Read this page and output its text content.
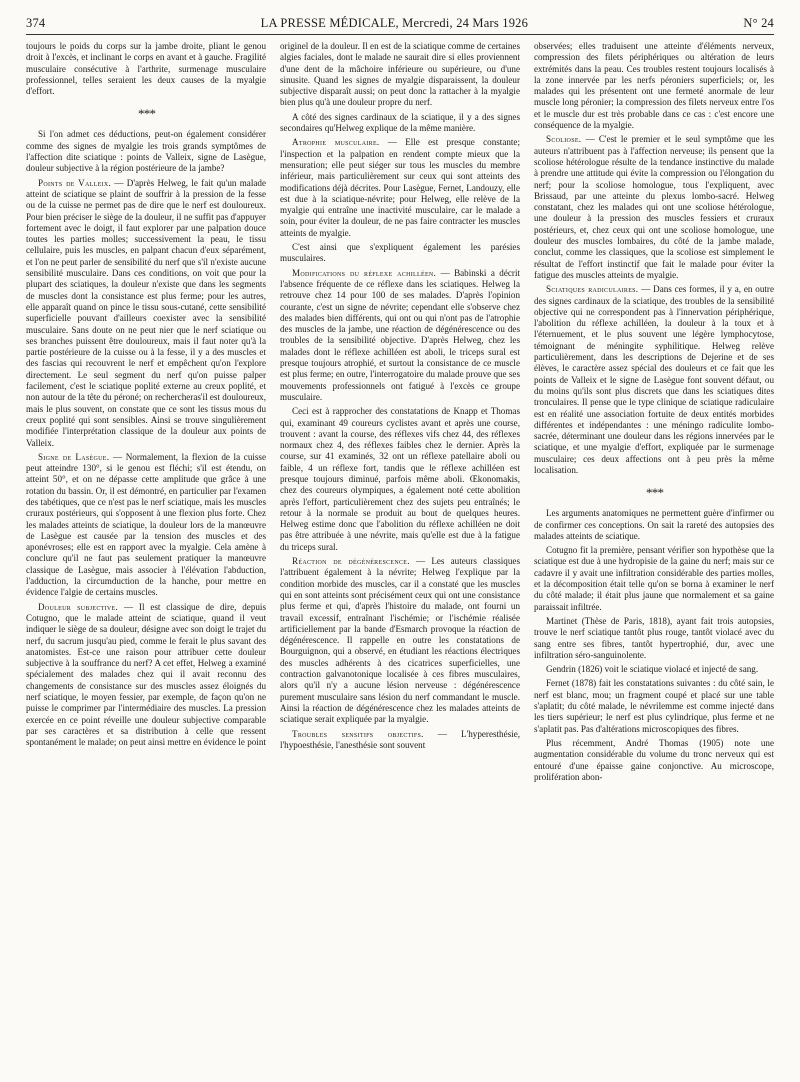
374	LA PRESSE MÉDICALE, Mercredi, 24 Mars 1926	N° 24

toujours le poids du corps sur la jambe droite, pliant le genou droit à l'excès, et inclinant le corps en avant et à gauche. Fragilité musculaire consécutive à l'arthrite, surmenage musculaire professionnel, telles seraient les deux causes de la myalgie d'effort.

* * *

Si l'on admet ces déductions, peut-on également considérer comme des signes de myalgie les trois grands symptômes de l'affection dite sciatique : points de Valleix, signe de Lasègue, douleur subjective à la région postérieure de la jambe?

Points de Valleix. — D'après Helweg, le fait qu'un malade atteint de sciatique se plaint de souffrir à la pression de la fesse ou de la cuisse ne permet pas de dire que le nerf est douloureux. Pour bien préciser le siège de la douleur, il ne suffit pas d'appuyer fortement avec le doigt, il faut explorer par une palpation douce toutes les parties molles; successivement la peau, le tissu cellulaire, puis les muscles, en palpant chacun d'eux séparément, et l'on ne peut parler de sensibilité du nerf que s'il n'existe aucune sensibilité musculaire. Dans ces conditions, on voit que pour la plupart des sciatiques, la douleur n'existe que dans les segments de muscles dont la consistance est plus ferme; pour les autres, elle apparaît quand on pince le tissu sous-cutané, cette sensibilité superficielle pouvant d'ailleurs coexister avec la sensibilité musculaire. Sans doute on ne peut nier que le nerf sciatique ou ses branches puissent être douloureux, mais il faut noter qu'à la partie postérieure de la cuisse ou à la fesse, il y a des muscles et des fascias qui recouvrent le nerf et empêchent qu'on l'explore directement. Le seul segment du nerf qu'on puisse palper facilement, c'est le sciatique poplité externe au creux poplité, et non autour de la tête du péroné; on rechercheras'il est douloureux, mais le plus souvent, on constate que ce sont les tissus mous du creux poplité qui sont sensibles. Ainsi se trouve singulièrement modifiée l'interprétation classique de la douleur aux points de Valleix.

Signe de Lasègue. — Normalement, la flexion de la cuisse peut atteindre 130°, si le genou est fléchi; s'il est étendu, on atteint 50°, et on ne dépasse cette amplitude que grâce à une rotation du bassin. Or, il est démontré, en particulier par l'examen des tabétiques, que ce n'est pas le nerf sciatique, mais les muscles cruraux postérieurs, qui s'opposent à une flexion plus forte. Chez les malades atteints de sciatique, la douleur lors de la manœuvre de Lasègue est causée par la tension des muscles et des aponévroses; elle est en rapport avec la myalgie. Cela amène à conclure qu'il ne faut pas seulement pratiquer la manœuvre classique de Lasègue, mais associer à l'élévation l'abduction, l'adduction, la circumduction de la hanche, pour mettre en évidence l'algie de certains muscles.

Douleur subjective. — Il est classique de dire, depuis Cotugno, que le malade atteint de sciatique, quand il veut indiquer le siège de sa douleur, désigne avec son doigt le trajet du nerf, du sacrum jusqu'au pied, comme le ferait le plus savant des anatomistes. Est-ce une raison pour attribuer cette douleur subjective à la souffrance du nerf? A cet effet, Helweg a examiné spécialement des malades chez qui il avait reconnu des changements de consistance sur des muscles assez éloignés du nerf sciatique, le moyen fessier, par exemple, de façon qu'on ne puisse le comprimer par l'intermédiaire des muscles. La pression exercée en ce point réveille une douleur subjective comparable par ses caractères et sa distribution à celle que ressent spontanément le malade; on peut ainsi mettre en évidence le point

originel de la douleur. Il en est de la sciatique comme de certaines algies faciales, dont le malade ne saurait dire si elles proviennent d'une dent de la mâchoire inférieure ou supérieure, ou d'une sinusite. Quand les signes de myalgie disparaissent, la douleur subjective disparaît aussi; on peut donc la rattacher à la myalgie bien plus qu'à une douleur propre du nerf.

A côté des signes cardinaux de la sciatique, il y a des signes secondaires qu'Helweg explique de la même manière.

Atrophie musculaire. — Elle est presque constante; l'inspection et la palpation en rendent compte mieux que la mensuration; elle peut siéger sur tous les muscles du membre inférieur, mais particulièrement sur ceux qui sont atteints des modifications déjà décrites. Pour Lasègue, Fernet, Landouzy, elle est due à la sciatique-névrite; pour Helweg, elle relève de la myalgie qui entraîne une inactivité musculaire, car le malade a soin, pour éviter la douleur, de ne pas faire contracter les muscles atteints de myalgie.

C'est ainsi que s'expliquent également les parésies musculaires.

Modifications du réflexe achilléen. — Babinski a décrit l'absence fréquente de ce réflexe dans les sciatiques. Helweg la retrouve chez 14 pour 100 de ses malades. D'après l'opinion courante, c'est un signe de névrite; cependant elle s'observe chez des malades bien différents, qui ont ou qui n'ont pas de l'atrophie des muscles de la jambe, une réaction de dégénérescence ou des troubles de la sensibilité objective. D'après Helweg, chez les malades dont le réflexe achilléen est aboli, le triceps sural est presque toujours atrophié, et surtout la consistance de ce muscle est plus ferme; en outre, l'interrogatoire du malade prouve que ses mouvements professionnels ont fatigué à l'excès ce groupe musculaire.

Ceci est à rapprocher des constatations de Knapp et Thomas qui, examinant 49 coureurs cyclistes avant et après une course, trouvent : avant la course, des réflexes vifs chez 44, des réflexes normaux chez 4, des réflexes faibles chez le dernier. Après la course, sur 41 examinés, 32 ont un réflexe patellaire aboli ou faible, 4 un réflexe fort, tandis que le réflexe achilléen est presque toujours diminué, parfois même aboli. Œkonomakis, chez des coureurs olympiques, a également noté cette abolition après l'effort, particulièrement chez des sujets peu entraînés; le retour à la normale se produit au bout de quelques heures. Helweg estime donc que l'abolition du réflexe achilléen ne doit pas être attribuée à une névrite, mais qu'elle est due à la fatigue du triceps sural.

Réaction de dégénérescence. — Les auteurs classiques l'attribuent également à la névrite; Helweg l'explique par la condition morbide des muscles, car il a constaté que les muscles qui en sont atteints sont précisément ceux qui ont une consistance plus ferme et qui, d'après l'histoire du malade, ont fourni un travail excessif, entraînant l'ischémie; or l'ischémie réalisée artificiellement par la bande d'Esmarch provoque la réaction de dégénérescence. Il rappelle en outre les constatations de Bourguignon, qui a observé, en étudiant les réactions électriques des muscles adhérents à des cicatrices superficielles, une contraction galvanotonique localisée à ces fibres musculaires, alors qu'il n'y a aucune lésion nerveuse : dégénérescence purement musculaire sans lésion du nerf commandant le muscle. Ainsi la réaction de dégénérescence chez les malades atteints de sciatique serait expliquée par la myalgie.

Troubles sensitifs objectifs. — L'hyperesthésie, l'hypoesthésie, l'anesthésie sont souvent

observées; elles traduisent une atteinte d'éléments nerveux, compression des filets périphériques ou altération de leurs extrémités dans la peau. Ces troubles restent toujours localisés à la zone innervée par les nerfs péroniers superficiels; or, les malades qui les présentent ont une fermeté anormale de leur muscle long péronier; la compression des filets nerveux entre l'os et le muscle dur est très probable dans ce cas : c'est encore une conséquence de la myalgie.

Scoliose. — C'est le premier et le seul symptôme que les auteurs n'attribuent pas à l'affection nerveuse; ils pensent que la scoliose hétérologue résulte de la tendance instinctive du malade à prendre une attitude qui évite la compression ou l'élongation du nerf; pour la scoliose homologue, tous l'expliquent, avec Brissaud, par une atteinte du plexus lombo-sacré. Helweg constatant, chez les malades qui ont une scoliose hétérologue, une douleur à la pression des muscles fessiers et cruraux postérieurs, et, chez ceux qui ont une scoliose homologue, une douleur des muscles lombaires, du côté de la jambe malade, conclut, comme les classiques, que la scoliose est simplement le résultat de l'effort instinctif que fait le malade pour éviter la fatigue des muscles atteints de myalgie.

Sciatiques radiculaires. — Dans ces formes, il y a, en outre des signes cardinaux de la sciatique, des troubles de la sensibilité objective qui ne correspondent pas à l'innervation périphérique, l'abolition du réflexe achilléen, la douleur à la toux et à l'éternuement, et le plus souvent une légère lymphocytose, témoignant de méningite syphilitique. Helweg relève particulièrement, dans les descriptions de Dejerine et de ses élèves, le caractère assez spécial des douleurs et ce fait que les points de Valleix et le signe de Lasègue font souvent défaut, ou du moins qu'ils sont plus discrets que dans les sciatiques dites tronculaires. Il pense que le type clinique de sciatique radiculaire est en réalité une association fortuite de deux entités morbides différentes et indépendantes : une méningo radiculite lombo-sacrée, déterminant une douleur dans les régions innervées par le sciatique, et une myalgie d'effort, expliquée par le surmenage musculaire; ces deux affections ont à peu près la même localisation.

* * *

Les arguments anatomiques ne permettent guère d'infirmer ou de confirmer ces conceptions. On sait la rareté des autopsies des malades atteints de sciatique.

Cotugno fit la première, pensant vérifier son hypothèse que la sciatique est due à une hydropisie de la gaine du nerf; mais sur ce cadavre il y avait une infiltration considérable des parties molles, et la décomposition était telle qu'on se borna à examiner le nerf du côté malade; il était plus jaune que normalement et sa gaine paraissait infiltrée.

Martinet (Thèse de Paris, 1818), ayant fait trois autopsies, trouve le nerf sciatique tantôt plus rouge, tantôt violacé avec du sang entre ses fibres, tantôt hypertrophié, dur, avec une infiltration séro-sanguinolente.

Gendrin (1826) voit le sciatique violacé et injecté de sang.

Fernet (1878) fait les constatations suivantes : du côté sain, le nerf est blanc, mou; un fragment coupé et placé sur une table s'aplatit; du côté malade, le névrilemme est comme injecté dans les tiers supérieur; le nerf est plus cylindrique, plus ferme et ne s'aplatit pas. Pas d'altérations microscopiques des fibres.

Plus récemment, André Thomas (1905) note une augmentation considérable du volume du tronc nerveux qui est entouré d'une épaisse gaine conjonctive. Au microscope, prolifération abon-
